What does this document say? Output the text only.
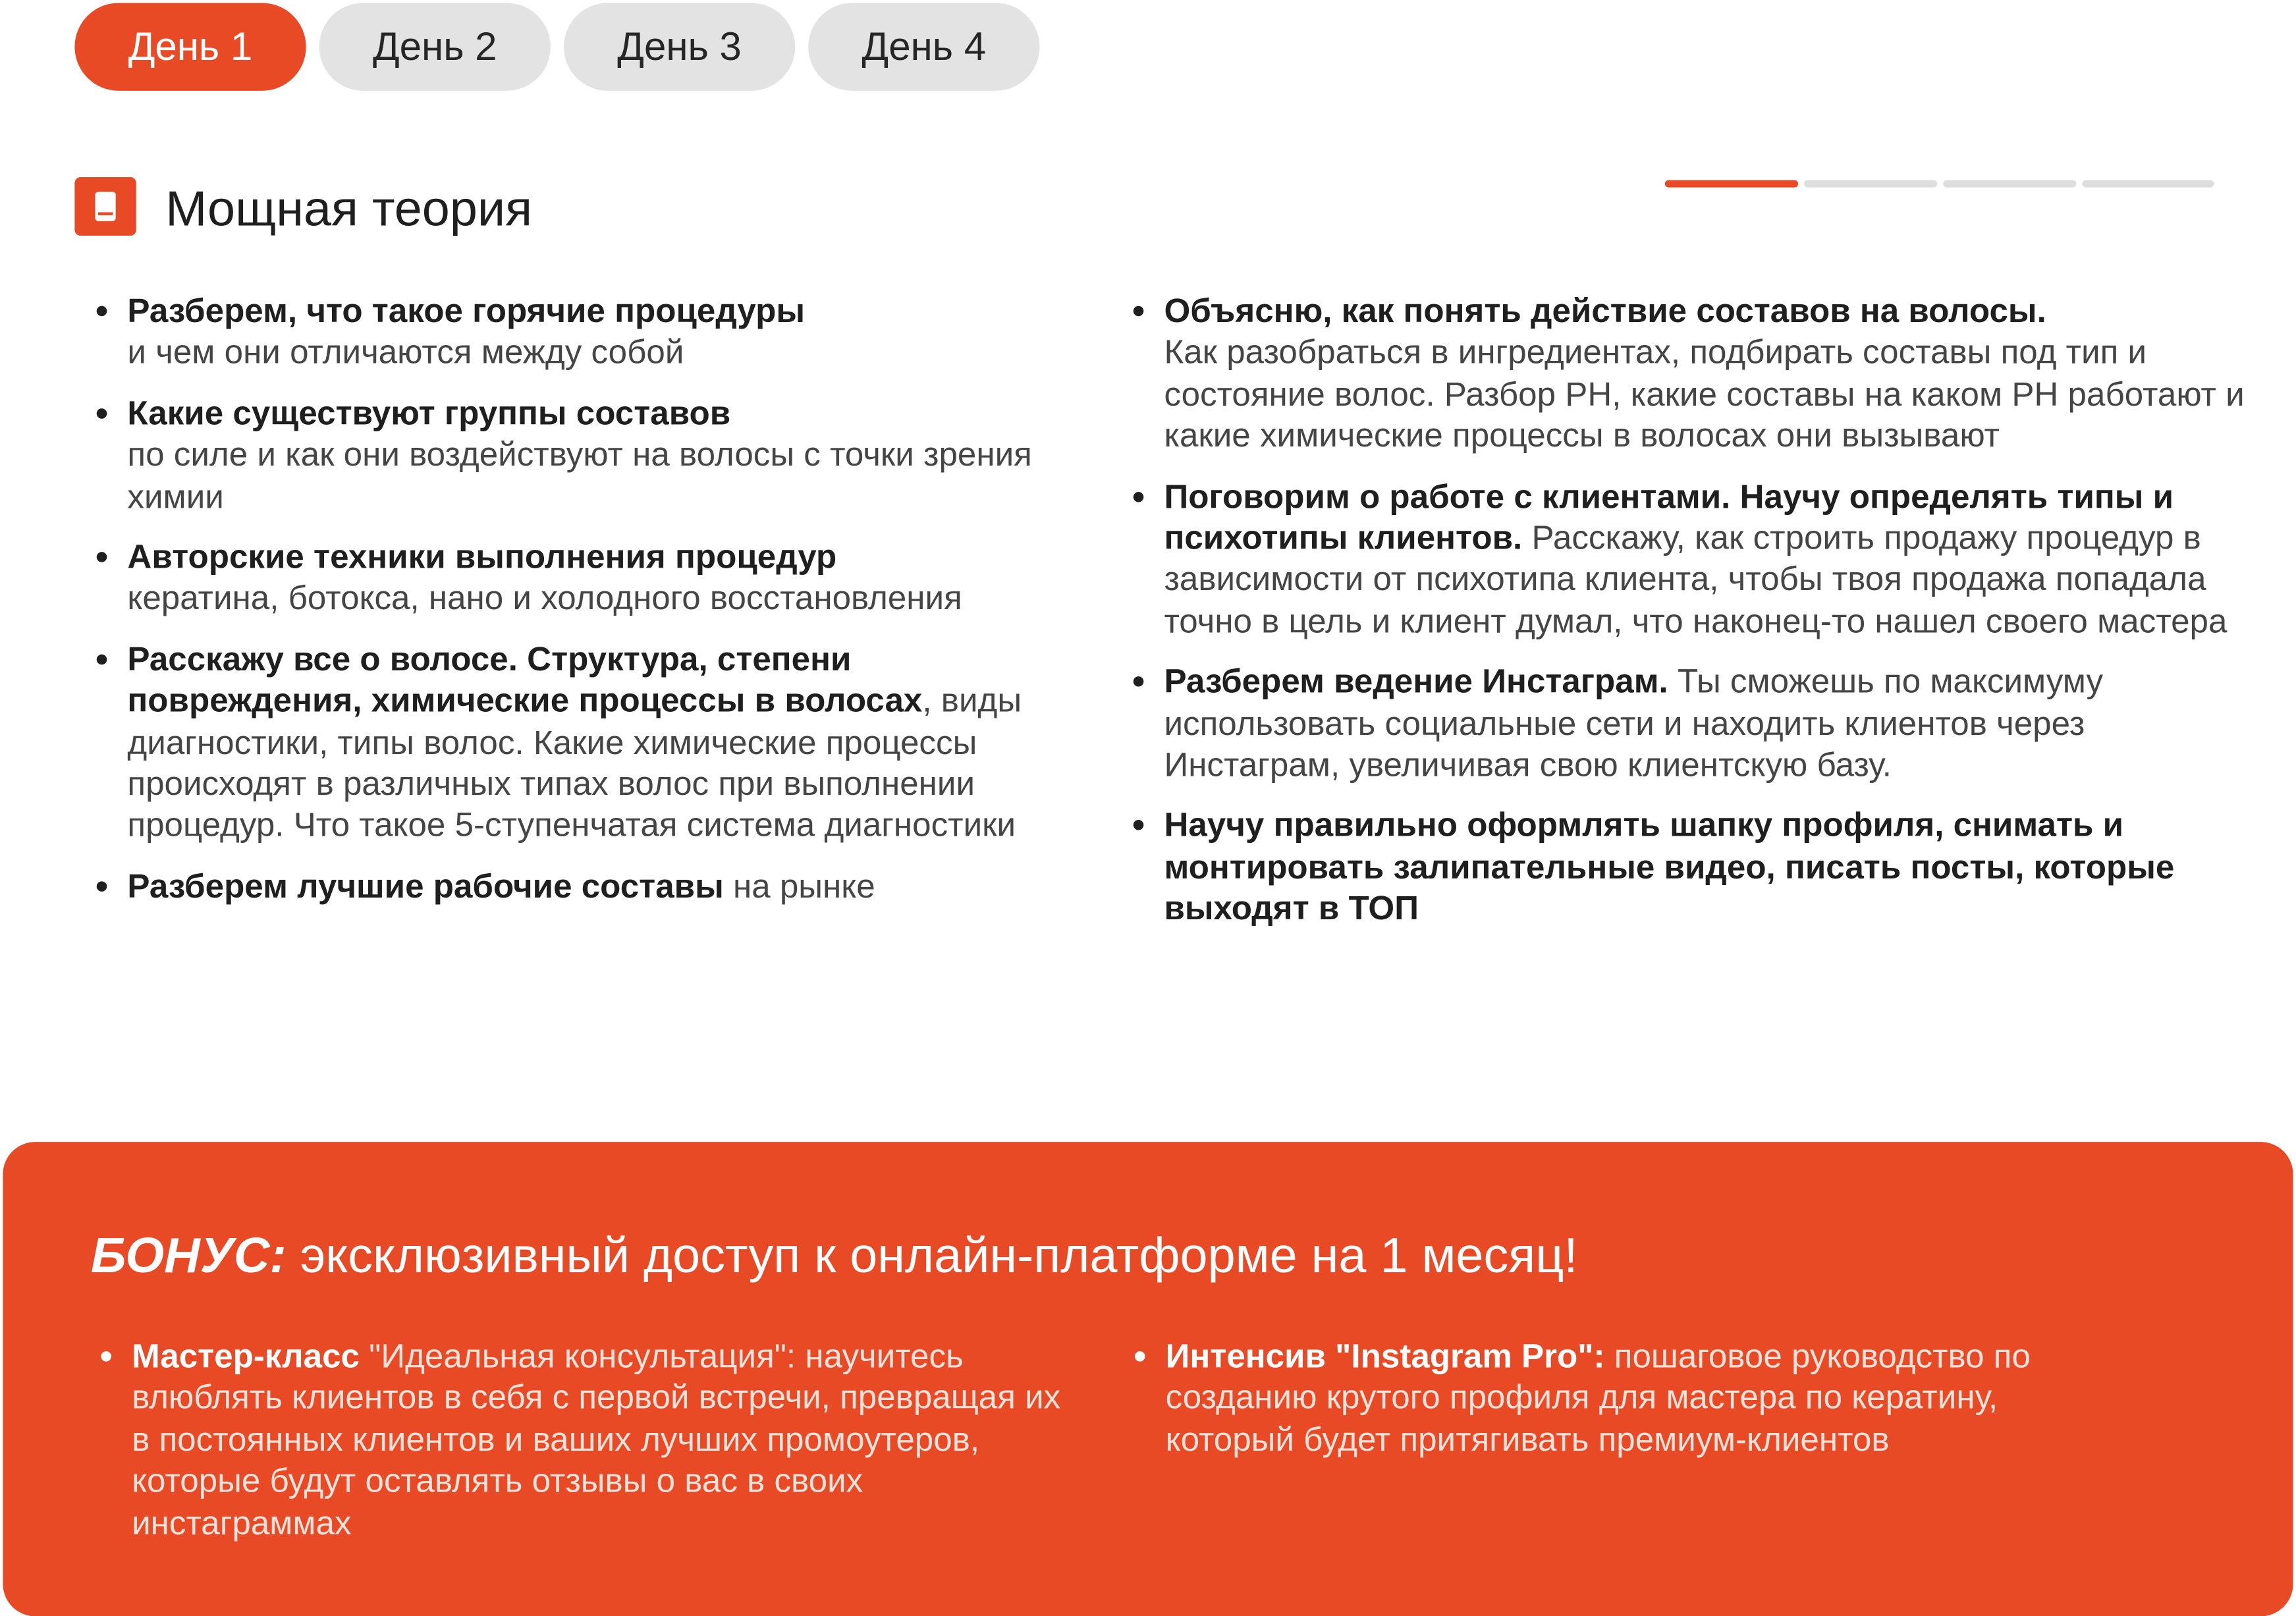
День 1	День 2	День 3	День 4
Мощная теория
• Разберем, что такое горячие процедуры
и чем они отличаются между собой
• Какие существуют группы составов
по силе и как они воздействуют на волосы с точки зрения химии
• Авторские техники выполнения процедур
кератина, ботокса, нано и холодного восстановления
• Расскажу все о волосе. Структура, степени повреждения, химические процессы в волосах, виды диагностики, типы волос. Какие химические процессы происходят в различных типах волос при выполнении процедур. Что такое 5-ступенчатая система диагностики
• Разберем лучшие рабочие составы на рынке
• Объясню, как понять действие составов на волосы.
Как разобраться в ингредиентах, подбирать составы под тип и состояние волос. Разбор PH, какие составы на каком PH работают и какие химические процессы в волосах они вызывают
• Поговорим о работе с клиентами. Научу определять типы и психотипы клиентов. Расскажу, как строить продажу процедур в зависимости от психотипа клиента, чтобы твоя продажа попадала точно в цель и клиент думал, что наконец-то нашел своего мастера
• Разберем ведение Инстаграм. Ты сможешь по максимуму использовать социальные сети и находить клиентов через Инстаграм, увеличивая свою клиентскую базу.
• Научу правильно оформлять шапку профиля, снимать и монтировать залипательные видео, писать посты, которые выходят в ТОП
БОНУС: эксклюзивный доступ к онлайн-платформе на 1 месяц!
• Мастер-класс "Идеальная консультация": научитесь влюблять клиентов в себя с первой встречи, превращая их в постоянных клиентов и ваших лучших промоутеров, которые будут оставлять отзывы о вас в своих инстаграммах
• Интенсив "Instagram Pro": пошаговое руководство по созданию крутого профиля для мастера по кератину, который будет притягивать премиум-клиентов
